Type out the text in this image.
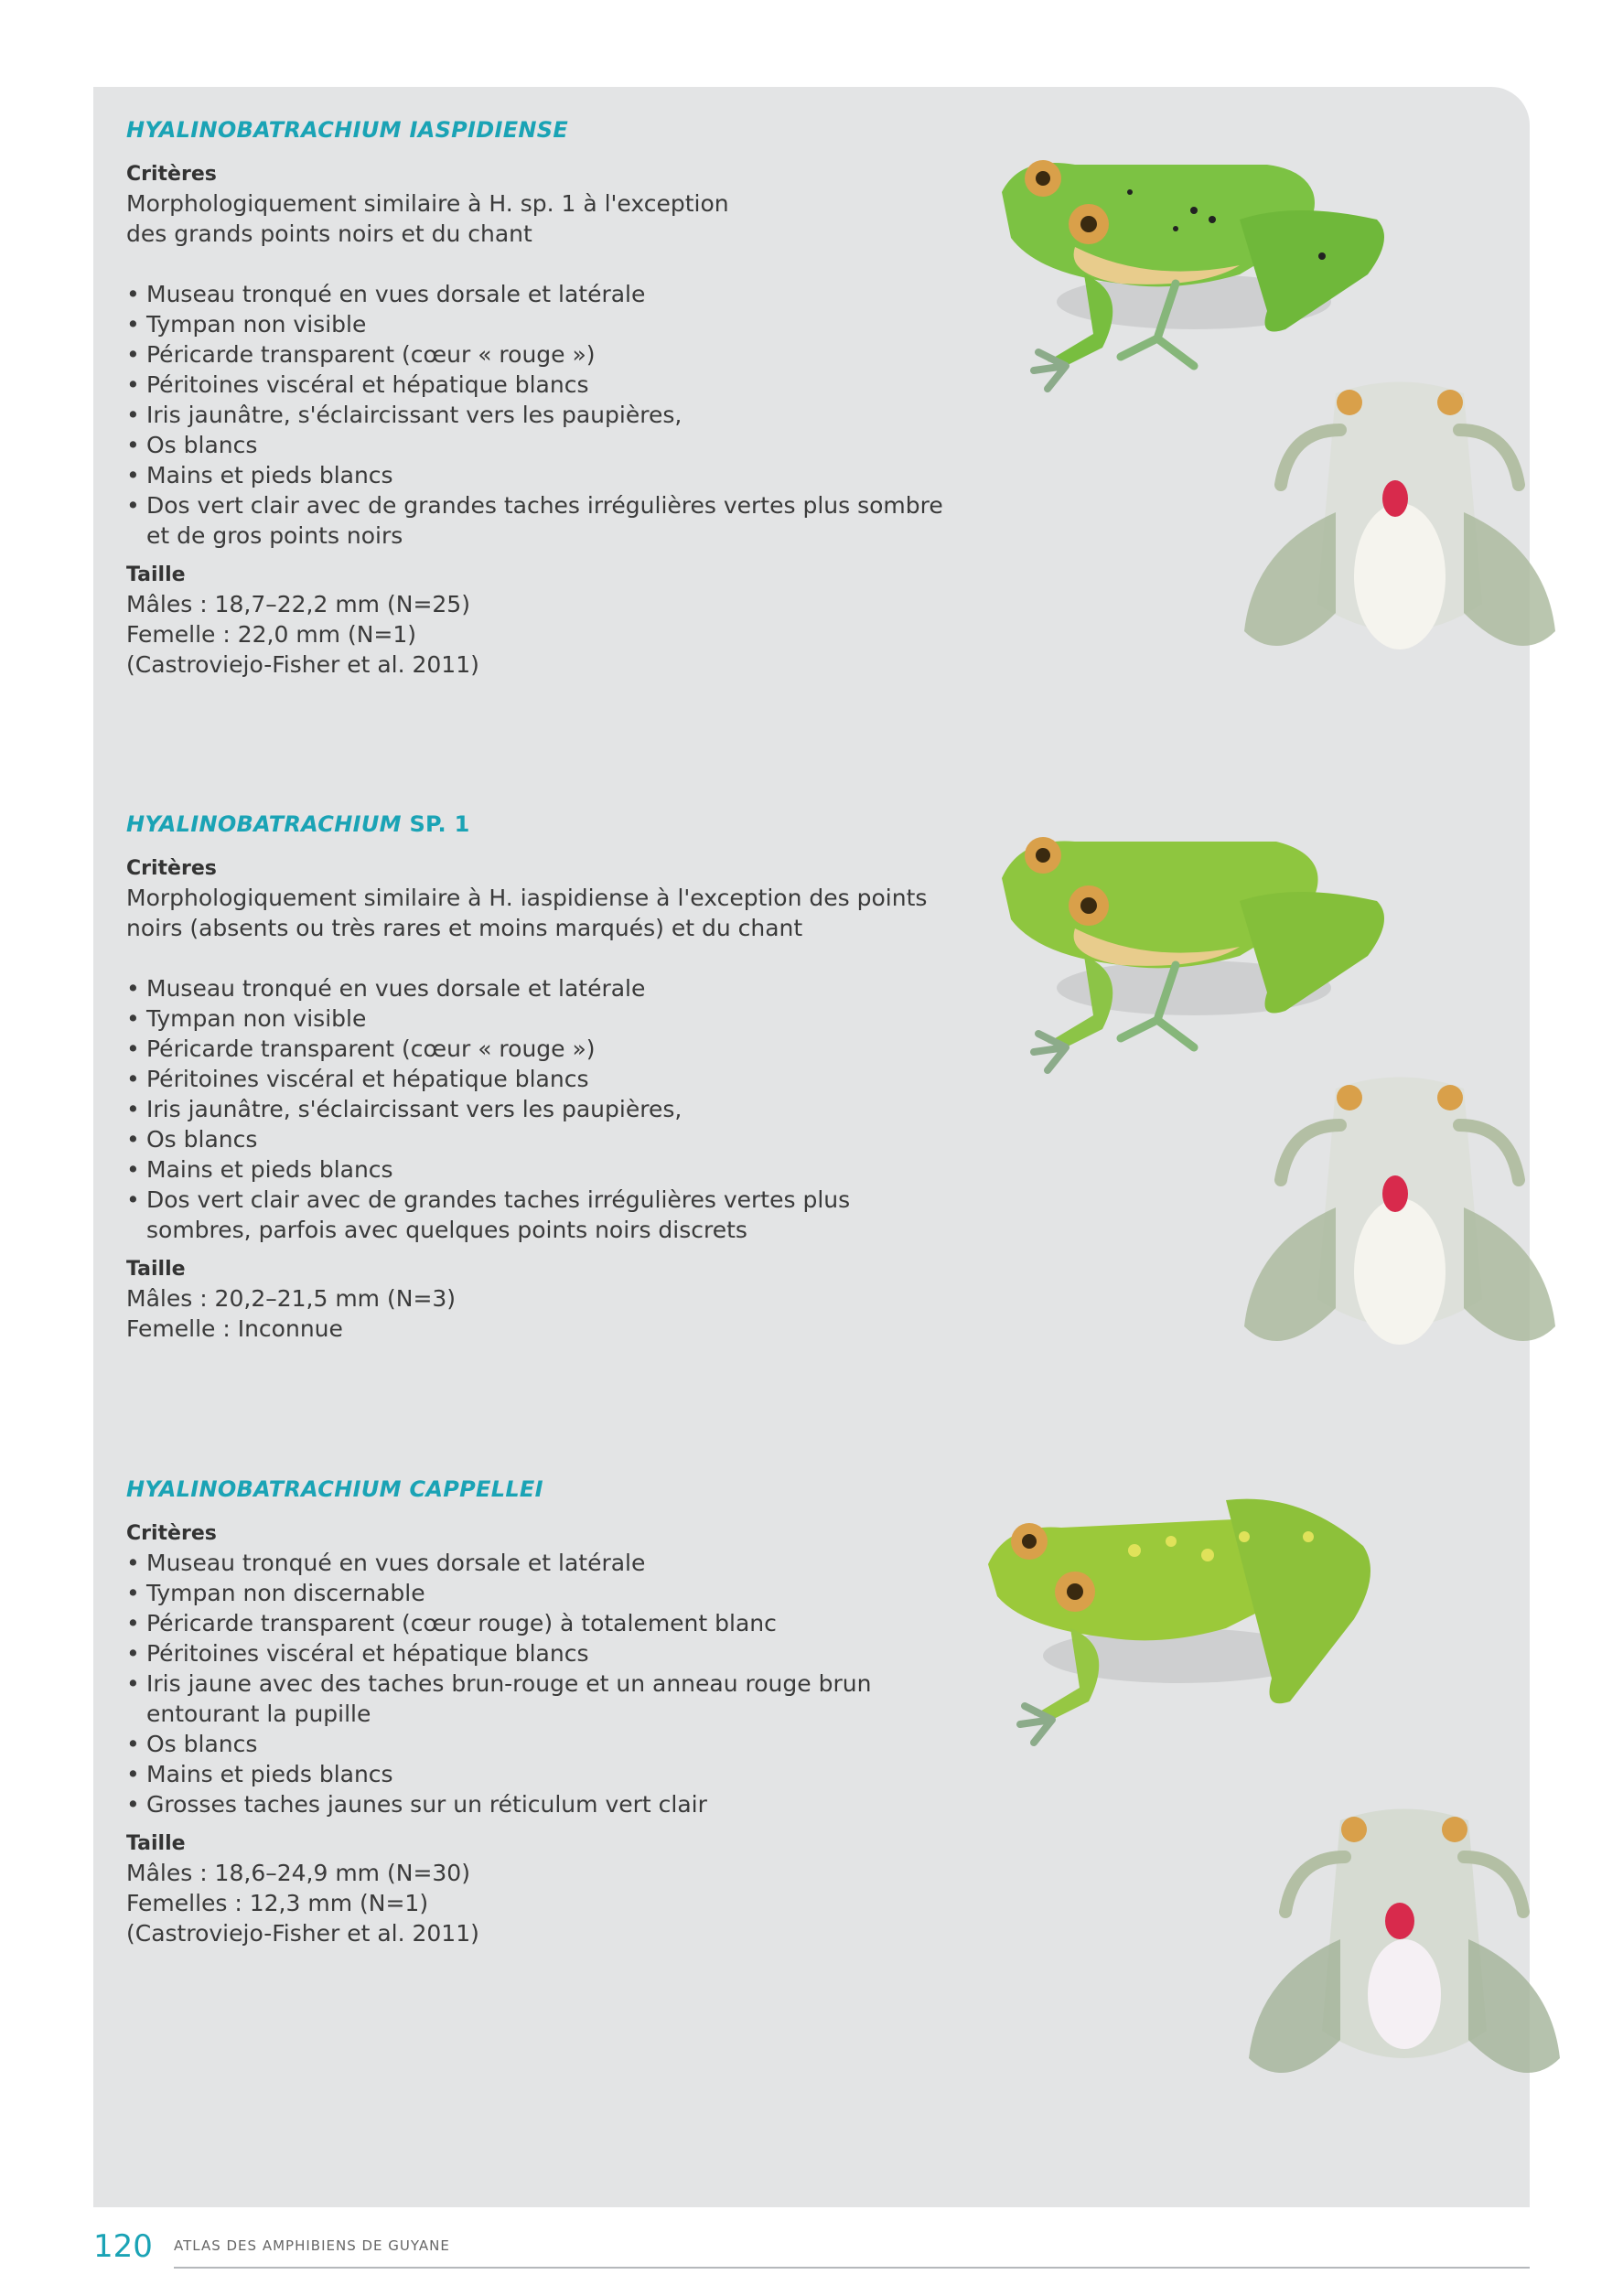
HYALINOBATRACHIUM IASPIDIENSE

Critères

Morphologiquement similaire à H. sp. 1 à l'exception

des grands points noirs et du chant

• Museau tronqué en vues dorsale et latérale
• Tympan non visible
• Péricarde transparent (cœur « rouge »)
• Péritoines viscéral et hépatique blancs
• Iris jaunâtre, s'éclaircissant vers les paupières,
• Os blancs
• Mains et pieds blancs
• Dos vert clair avec de grandes taches irrégulières vertes plus sombre

et de gros points noirs

Taille

Mâles : 18,7–22,2 mm (N=25)

Femelle : 22,0 mm (N=1)

(Castroviejo-Fisher et al. 2011)

HYALINOBATRACHIUM SP. 1

Critères

Morphologiquement similaire à H. iaspidiense à l'exception des points

noirs (absents ou très rares et moins marqués) et du chant

• Museau tronqué en vues dorsale et latérale
• Tympan non visible
• Péricarde transparent (cœur « rouge »)
• Péritoines viscéral et hépatique blancs
• Iris jaunâtre, s'éclaircissant vers les paupières,
• Os blancs
• Mains et pieds blancs
• Dos vert clair avec de grandes taches irrégulières vertes plus

sombres, parfois avec quelques points noirs discrets

Taille

Mâles : 20,2–21,5 mm (N=3)

Femelle : Inconnue

HYALINOBATRACHIUM CAPPELLEI

Critères

• Museau tronqué en vues dorsale et latérale
• Tympan non discernable
• Péricarde transparent (cœur rouge) à totalement blanc
• Péritoines viscéral et hépatique blancs
• Iris jaune avec des taches brun-rouge et un anneau rouge brun

entourant la pupille

• Os blancs
• Mains et pieds blancs
• Grosses taches jaunes sur un réticulum vert clair

Taille

Mâles : 18,6–24,9 mm (N=30)

Femelles : 12,3 mm (N=1)

(Castroviejo-Fisher et al. 2011)

120 ATLAS DES AMPHIBIENS DE GUYANE
